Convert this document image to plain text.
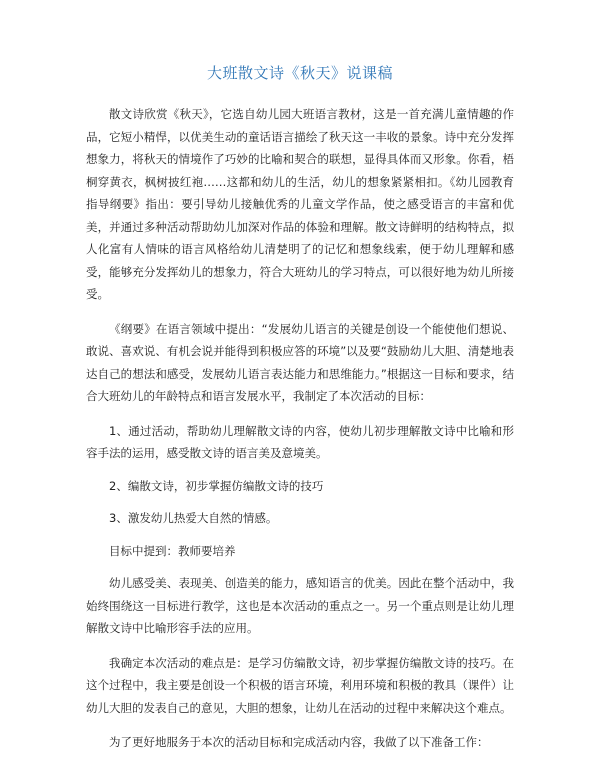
大班散文诗《秋天》说课稿

散文诗欣赏《秋天》，它选自幼儿园大班语言教材，这是一首充满儿童情趣的作品，它短小精悍，以优美生动的童话语言描绘了秋天这一丰收的景象。诗中充分发挥想象力，将秋天的情境作了巧妙的比喻和契合的联想，显得具体而又形象。你看，梧桐穿黄衣，枫树披红袍……这都和幼儿的生活，幼儿的想象紧紧相扣。《幼儿园教育指导纲要》指出：要引导幼儿接触优秀的儿童文学作品，使之感受语言的丰富和优美，并通过多种活动帮助幼儿加深对作品的体验和理解。散文诗鲜明的结构特点，拟人化富有人情味的语言风格给幼儿清楚明了的记忆和想象线索，便于幼儿理解和感受，能够充分发挥幼儿的想象力，符合大班幼儿的学习特点，可以很好地为幼儿所接受。

《纲要》在语言领域中提出：“发展幼儿语言的关键是创设一个能使他们想说、敢说、喜欢说、有机会说并能得到积极应答的环境”以及要“鼓励幼儿大胆、清楚地表达自己的想法和感受，发展幼儿语言表达能力和思维能力。”根据这一目标和要求，结合大班幼儿的年龄特点和语言发展水平，我制定了本次活动的目标：

1、通过活动，帮助幼儿理解散文诗的内容，使幼儿初步理解散文诗中比喻和形容手法的运用，感受散文诗的语言美及意境美。

2、编散文诗，初步掌握仿编散文诗的技巧

3、激发幼儿热爱大自然的情感。

目标中提到：教师要培养

幼儿感受美、表现美、创造美的能力，感知语言的优美。因此在整个活动中，我始终围绕这一目标进行教学，这也是本次活动的重点之一。另一个重点则是让幼儿理解散文诗中比喻形容手法的应用。

我确定本次活动的难点是：是学习仿编散文诗，初步掌握仿编散文诗的技巧。在这个过程中，我主要是创设一个积极的语言环境，利用环境和积极的教具（课件）让幼儿大胆的发表自己的意见，大胆的想象，让幼儿在活动的过程中来解决这个难点。

为了更好地服务于本次的活动目标和完成活动内容，我做了以下准备工作：
